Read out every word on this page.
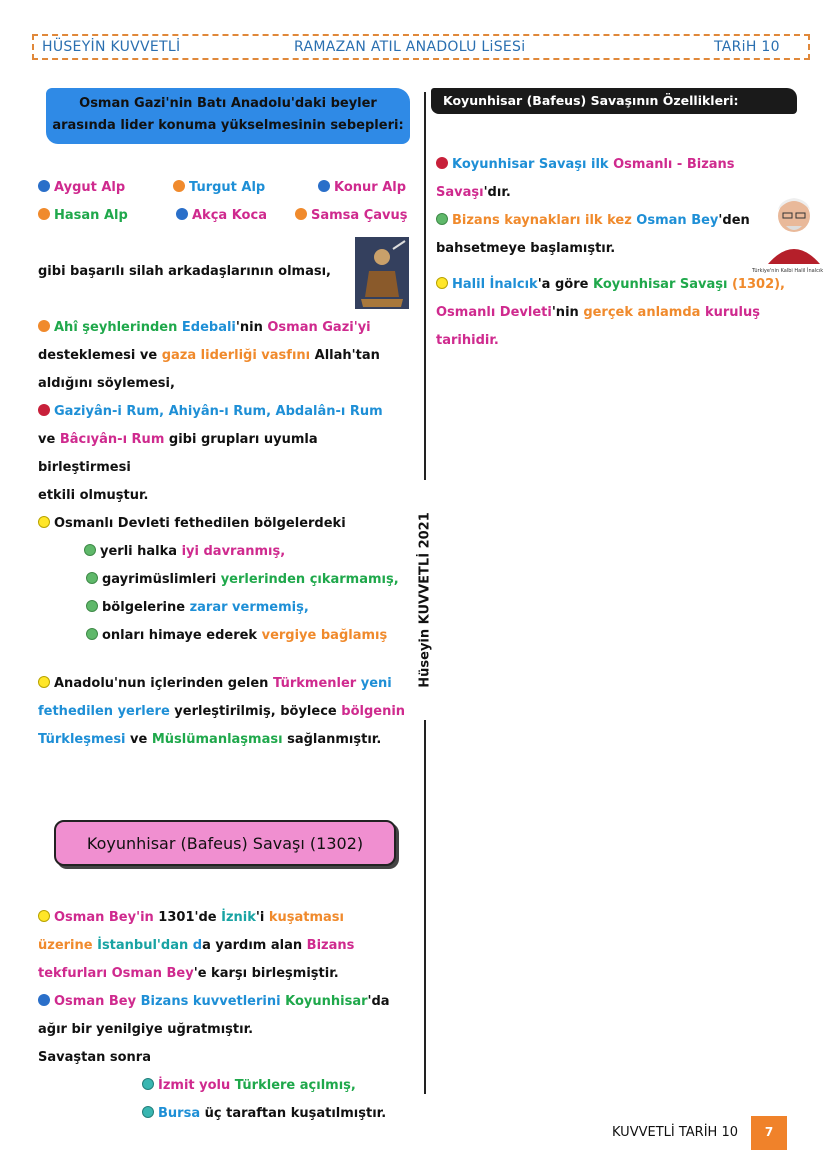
HÜSEYİN KUVVETLİ	RAMAZAN ATIL ANADOLU LiSESi	TARiH 10
Hüseyin KUVVETLİ 2021
Osman Gazi'nin Batı Anadolu'daki beyler
arasında lider konuma yükselmesinin sebepleri:
Aygut Alp	Turgut Alp	Konur Alp
Hasan Alp	Akça Koca	Samsa Çavuş
gibi başarılı silah arkadaşlarının olması,
Ahî şeyhlerinden Edebali'nin Osman Gazi'yi
desteklemesi ve gaza liderliği vasfını Allah'tan
aldığını söylemesi,
Gaziyân-i Rum, Ahiyân-ı Rum, Abdalân-ı Rum
ve Bâcıyân-ı Rum gibi grupları uyumla
birleştirmesi
etkili olmuştur.
Osmanlı Devleti fethedilen bölgelerdeki
yerli halka iyi davranmış,
gayrimüslimleri yerlerinden çıkarmamış,
bölgelerine zarar vermemiş,
onları himaye ederek vergiye bağlamış
Anadolu'nun içlerinden gelen Türkmenler yeni
fethedilen yerlere yerleştirilmiş, böylece bölgenin
Türkleşmesi ve Müslümanlaşması sağlanmıştır.
Koyunhisar (Bafeus) Savaşı (1302)
Osman Bey'in 1301'de İznik'i kuşatması
üzerine İstanbul'dan da yardım alan Bizans
tekfurları Osman Bey'e karşı birleşmiştir.
Osman Bey Bizans kuvvetlerini Koyunhisar'da
ağır bir yenilgiye uğratmıştır.
Savaştan sonra
İzmit yolu Türklere açılmış,
Bursa üç taraftan kuşatılmıştır.
Koyunhisar (Bafeus) Savaşının Özellikleri:
Koyunhisar Savaşı ilk Osmanlı - Bizans
Savaşı'dır.
Bizans kaynakları ilk kez Osman Bey'den
bahsetmeye başlamıştır.
Türkiye'nin Kalbi Halil İnalcık
Halil İnalcık'a göre Koyunhisar Savaşı (1302),
Osmanlı Devleti'nin gerçek anlamda kuruluş
tarihidir.
KUVVETLİ TARİH 10	7
